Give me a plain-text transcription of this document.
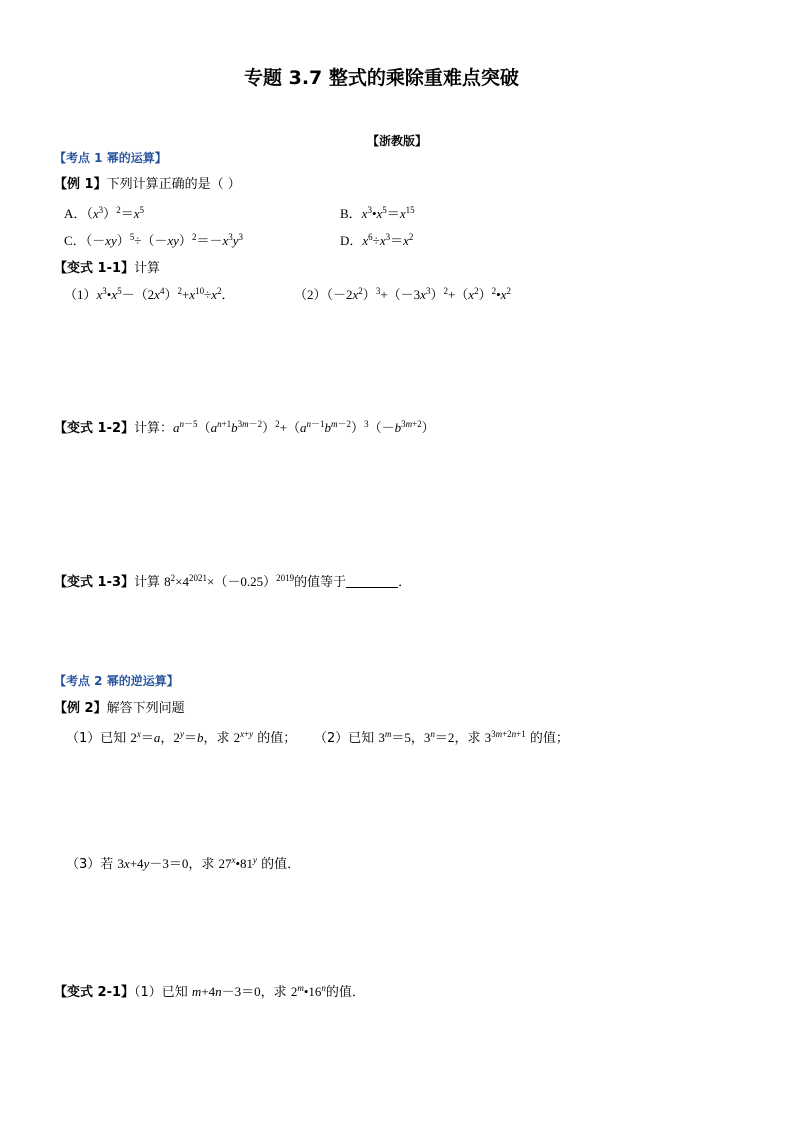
专题 3.7 整式的乘除重难点突破
【浙教版】
【考点 1 幂的运算】
【例 1】下列计算正确的是（ ）
A．$(x^3)^2=x^5$	B．$x^3•x^5=x^{15}$
C．$(-xy)^5\div(-xy)^2=-x^3y^3$	D．$x^6\div x^3=x^2$
【变式 1-1】计算
$(1)x^3•x^5-(2x^4)^2+x^{10}\div x^2$．	$(2)(-2x^2)^3+(-3x^3)^2+(x^2)^2•x^2$
【变式 1-2】计算：$a^{n-5}(a^{n+1}b^{3m-2})^2+(a^{n-1}b^{m-2})^3(-b^{3m+2})$
【变式 1-3】计算 $8^2\times 4^{2021}\times(-0.25)^{2019}$的值等于	．
【考点 2 幂的逆运算】
【例 2】解答下列问题
（1）已知 $2^x=a$，$2^y=b$，求 $2^{x+y}$ 的值； （2）已知 $3^m=5$，$3^n=2$，求 $3^{3m+2n+1}$ 的值；
（3）若 3x+4y－3＝0，求 27$^x$•81$^y$ 的值．
【变式 2-1】（1）已知 m+4n－3＝0，求 2$^m$•16$^n$的值．
